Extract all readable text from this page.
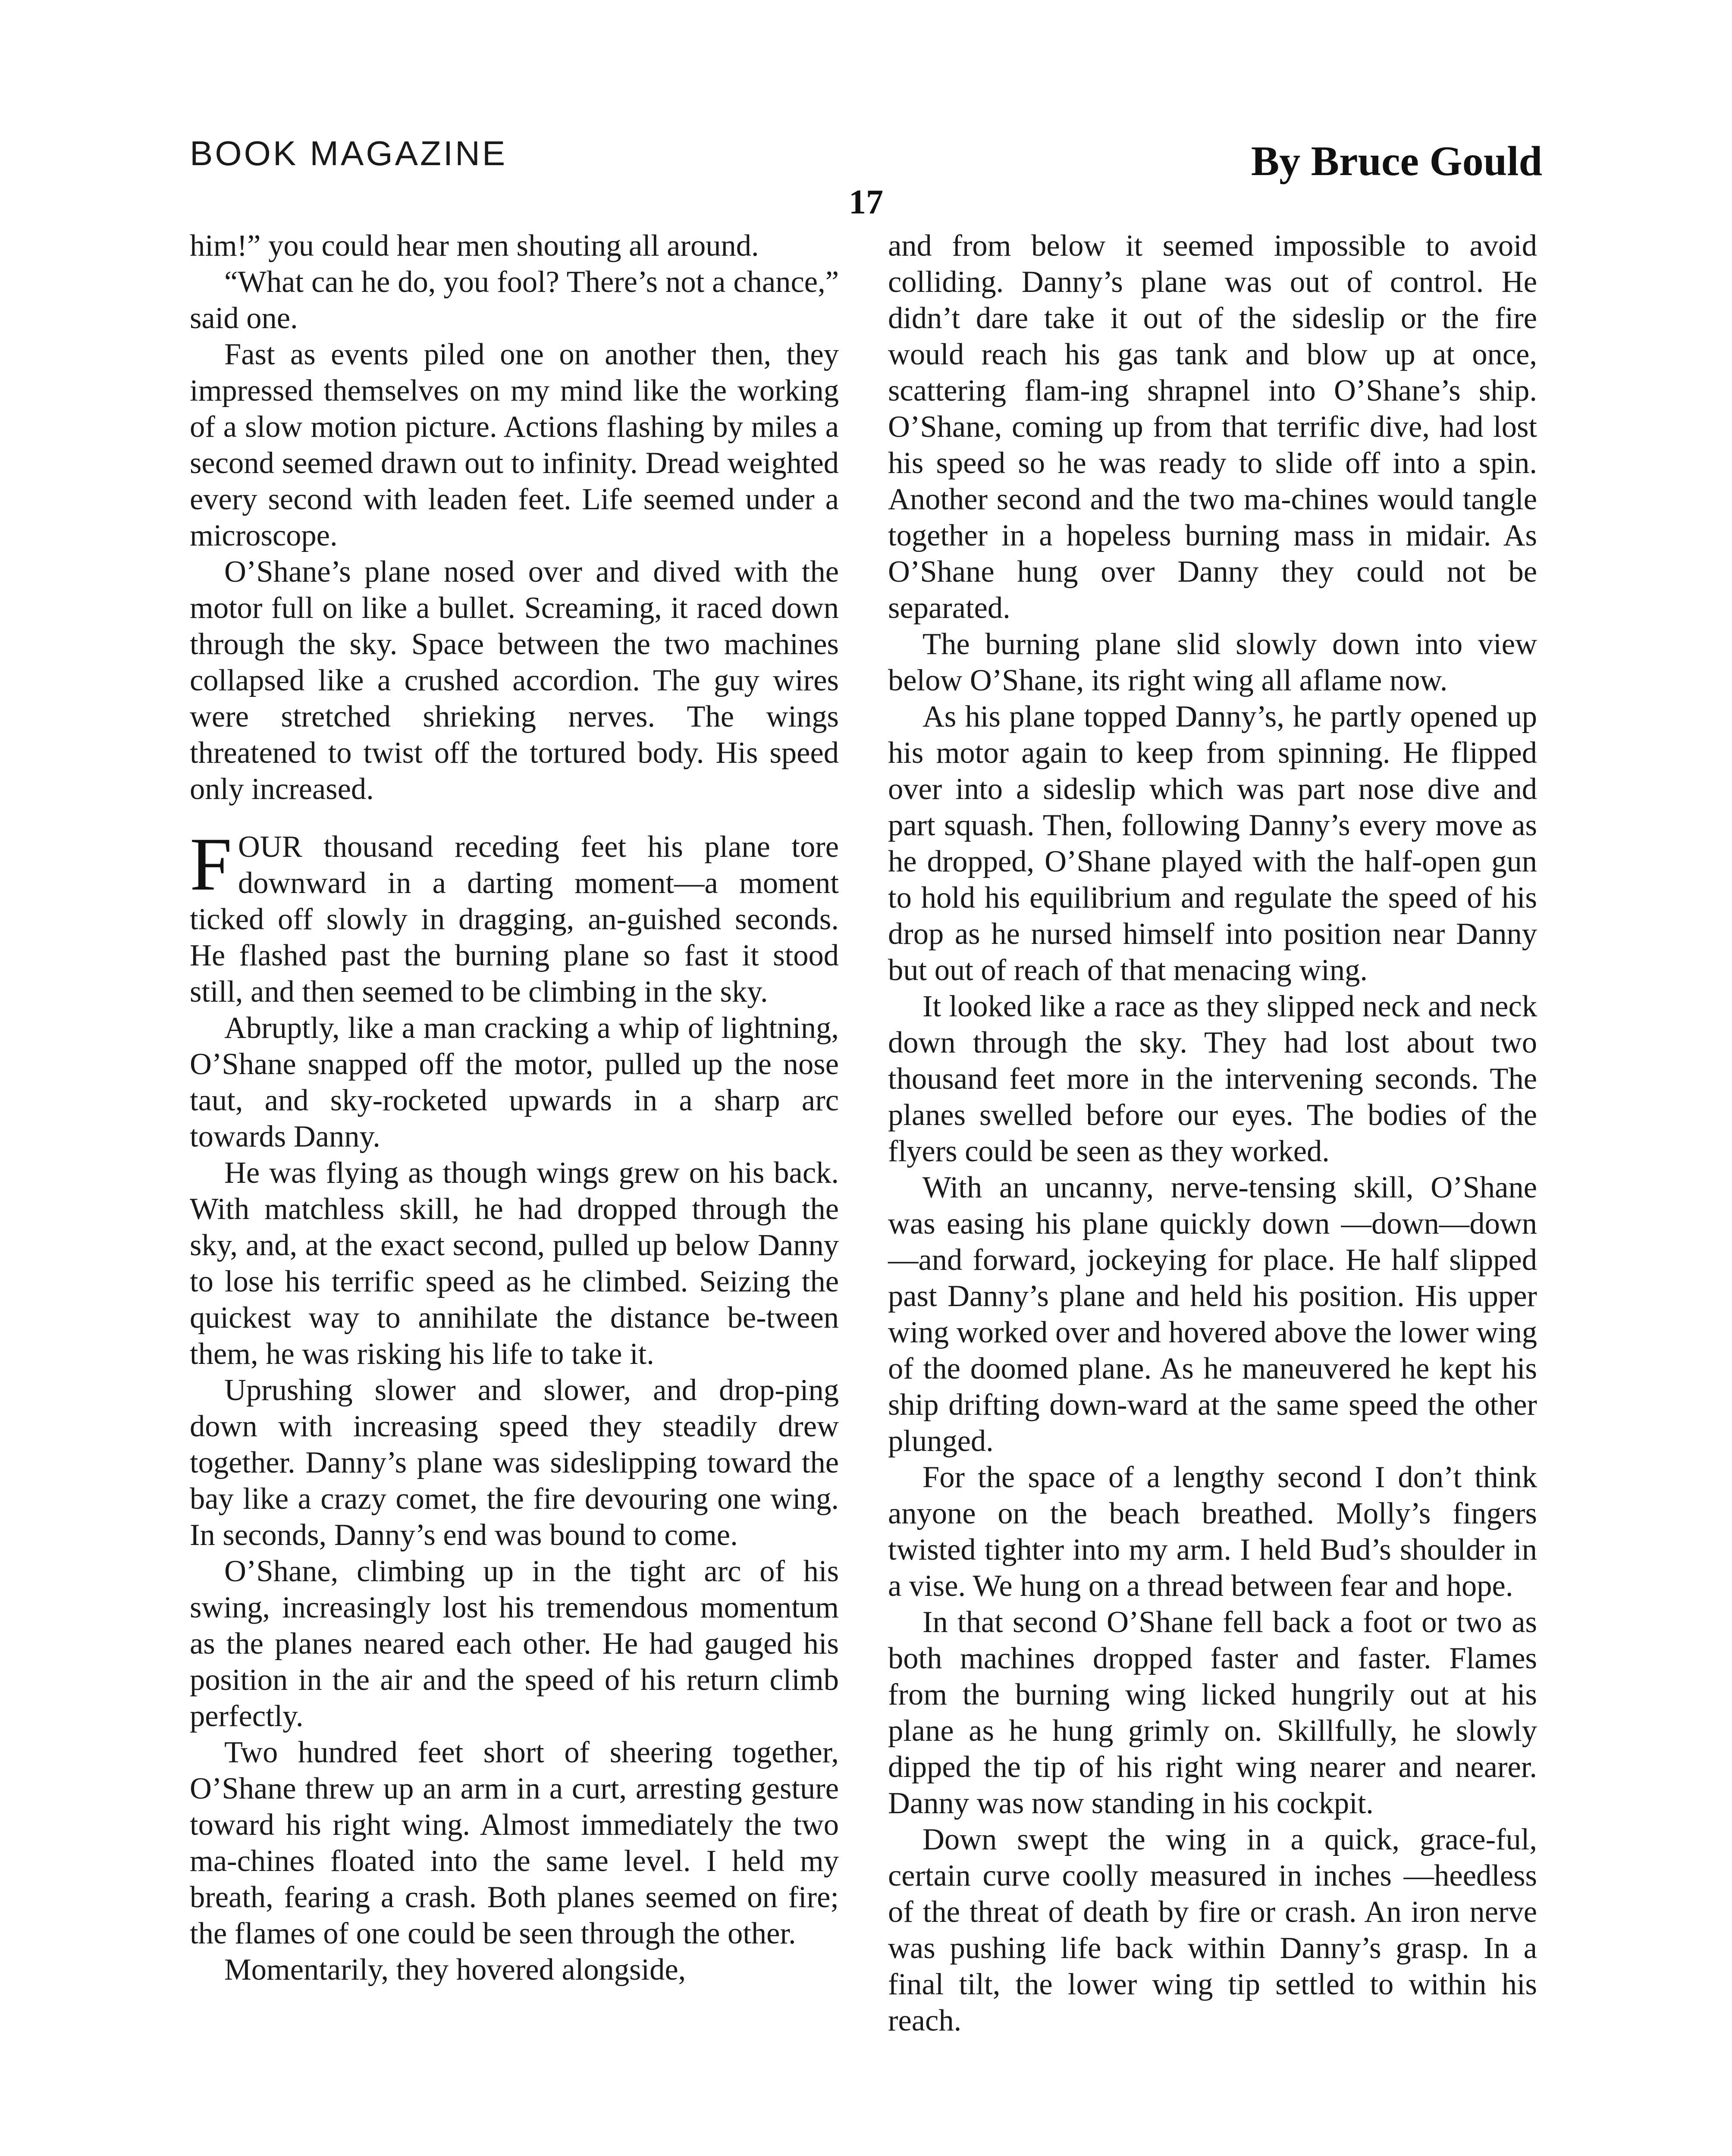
BOOK MAGAZINE	By Bruce Gould
17

him!” you could hear men shouting all around.

“What can he do, you fool? There’s not a chance,” said one.

Fast as events piled one on another then, they impressed themselves on my mind like the working of a slow motion picture. Actions flashing by miles a second seemed drawn out to infinity. Dread weighted every second with leaden feet. Life seemed under a microscope.

O’Shane’s plane nosed over and dived with the motor full on like a bullet. Screaming, it raced down through the sky. Space between the two machines collapsed like a crushed accordion. The guy wires were stretched shrieking nerves. The wings threatened to twist off the tortured body. His speed only increased.

FOUR thousand receding feet his plane tore downward in a darting moment—a moment ticked off slowly in dragging, an-guished seconds. He flashed past the burning plane so fast it stood still, and then seemed to be climbing in the sky.

Abruptly, like a man cracking a whip of lightning, O’Shane snapped off the motor, pulled up the nose taut, and sky-rocketed upwards in a sharp arc towards Danny.

He was flying as though wings grew on his back. With matchless skill, he had dropped through the sky, and, at the exact second, pulled up below Danny to lose his terrific speed as he climbed. Seizing the quickest way to annihilate the distance be-tween them, he was risking his life to take it.

Uprushing slower and slower, and drop-ping down with increasing speed they steadily drew together. Danny’s plane was sideslipping toward the bay like a crazy comet, the fire devouring one wing. In seconds, Danny’s end was bound to come.

O’Shane, climbing up in the tight arc of his swing, increasingly lost his tremendous momentum as the planes neared each other. He had gauged his position in the air and the speed of his return climb perfectly.

Two hundred feet short of sheering together, O’Shane threw up an arm in a curt, arresting gesture toward his right wing. Almost immediately the two ma-chines floated into the same level. I held my breath, fearing a crash. Both planes seemed on fire; the flames of one could be seen through the other.

Momentarily, they hovered alongside,

and from below it seemed impossible to avoid colliding. Danny’s plane was out of control. He didn’t dare take it out of the sideslip or the fire would reach his gas tank and blow up at once, scattering flam-ing shrapnel into O’Shane’s ship. O’Shane, coming up from that terrific dive, had lost his speed so he was ready to slide off into a spin. Another second and the two ma-chines would tangle together in a hopeless burning mass in midair. As O’Shane hung over Danny they could not be separated.

The burning plane slid slowly down into view below O’Shane, its right wing all aflame now.

As his plane topped Danny’s, he partly opened up his motor again to keep from spinning. He flipped over into a sideslip which was part nose dive and part squash. Then, following Danny’s every move as he dropped, O’Shane played with the half-open gun to hold his equilibrium and regulate the speed of his drop as he nursed himself into position near Danny but out of reach of that menacing wing.

It looked like a race as they slipped neck and neck down through the sky. They had lost about two thousand feet more in the intervening seconds. The planes swelled before our eyes. The bodies of the flyers could be seen as they worked.

With an uncanny, nerve-tensing skill, O’Shane was easing his plane quickly down —down—down—and forward, jockeying for place. He half slipped past Danny’s plane and held his position. His upper wing worked over and hovered above the lower wing of the doomed plane. As he maneuvered he kept his ship drifting down-ward at the same speed the other plunged.

For the space of a lengthy second I don’t think anyone on the beach breathed. Molly’s fingers twisted tighter into my arm. I held Bud’s shoulder in a vise. We hung on a thread between fear and hope.

In that second O’Shane fell back a foot or two as both machines dropped faster and faster. Flames from the burning wing licked hungrily out at his plane as he hung grimly on. Skillfully, he slowly dipped the tip of his right wing nearer and nearer. Danny was now standing in his cockpit.

Down swept the wing in a quick, grace-ful, certain curve coolly measured in inches —heedless of the threat of death by fire or crash. An iron nerve was pushing life back within Danny’s grasp. In a final tilt, the lower wing tip settled to within his reach.
